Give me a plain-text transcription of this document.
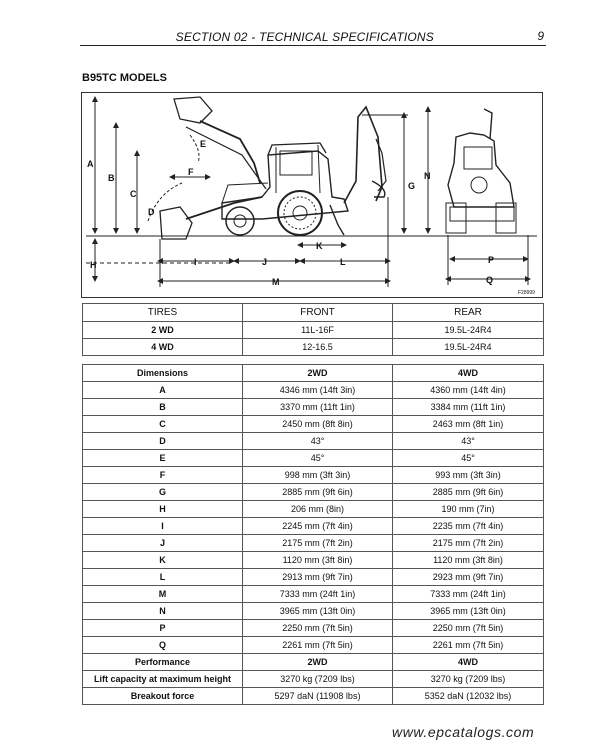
SECTION 02 - TECHNICAL SPECIFICATIONS	9
B95TC MODELS
A
B
C
D
E
F
G
H	I	J
K
L
M
N
P
Q
F28999
TIRES	FRONT	REAR
2 WD	11L-16F	19.5L-24R4
4 WD	12-16.5	19.5L-24R4
Dimensions	2WD	4WD
A	4346 mm (14ft 3in)	4360 mm (14ft 4in)
B	3370 mm (11ft 1in)	3384 mm (11ft 1in)
C	2450 mm (8ft 8in)	2463 mm (8ft 1in)
D	43°	43°
E	45°	45°
F	998 mm (3ft 3in)	993 mm (3ft 3in)
G	2885 mm (9ft 6in)	2885 mm (9ft 6in)
H	206 mm (8in)	190 mm (7in)
I	2245 mm (7ft 4in)	2235 mm (7ft 4in)
J	2175 mm (7ft 2in)	2175 mm (7ft 2in)
K	1120 mm (3ft 8in)	1120 mm (3ft 8in)
L	2913 mm (9ft 7in)	2923 mm (9ft 7in)
M	7333 mm (24ft 1in)	7333 mm (24ft 1in)
N	3965 mm (13ft 0in)	3965 mm (13ft 0in)
P	2250 mm (7ft 5in)	2250 mm (7ft 5in)
Q	2261 mm (7ft 5in)	2261 mm (7ft 5in)
Performance	2WD	4WD
Lift capacity at maximum height	3270 kg (7209 lbs)	3270 kg (7209 lbs)
Breakout force	5297 daN (11908 lbs)	5352 daN (12032 lbs)
www.epcatalogs.com
